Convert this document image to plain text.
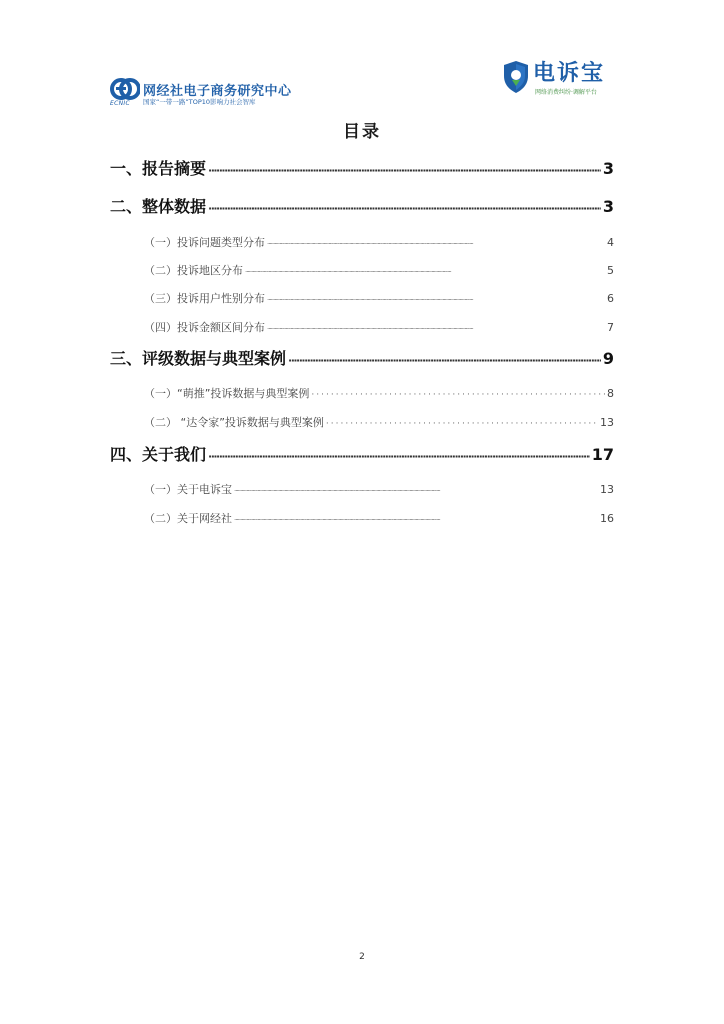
ECNIC
网经社电子商务研究中心
国家“一带一路”TOP10影响力社会智库
电诉宝
网络消费纠纷·调解平台
目录
一、报告摘要 ·····	3
二、整体数据 ·····	3
（一）投诉问题类型分布 ·····	4
（二）投诉地区分布 ·····	5
（三）投诉用户性别分布 ·····	6
（四）投诉金额区间分布 ·····	7
三、评级数据与典型案例 ·····	9
（一）“萌推”投诉数据与典型案例 ·····	8
（二） “达令家”投诉数据与典型案例 ·····	13
四、关于我们 ·····	17
（一）关于电诉宝 ·····	13
（二）关于网经社 ·····	16
2
